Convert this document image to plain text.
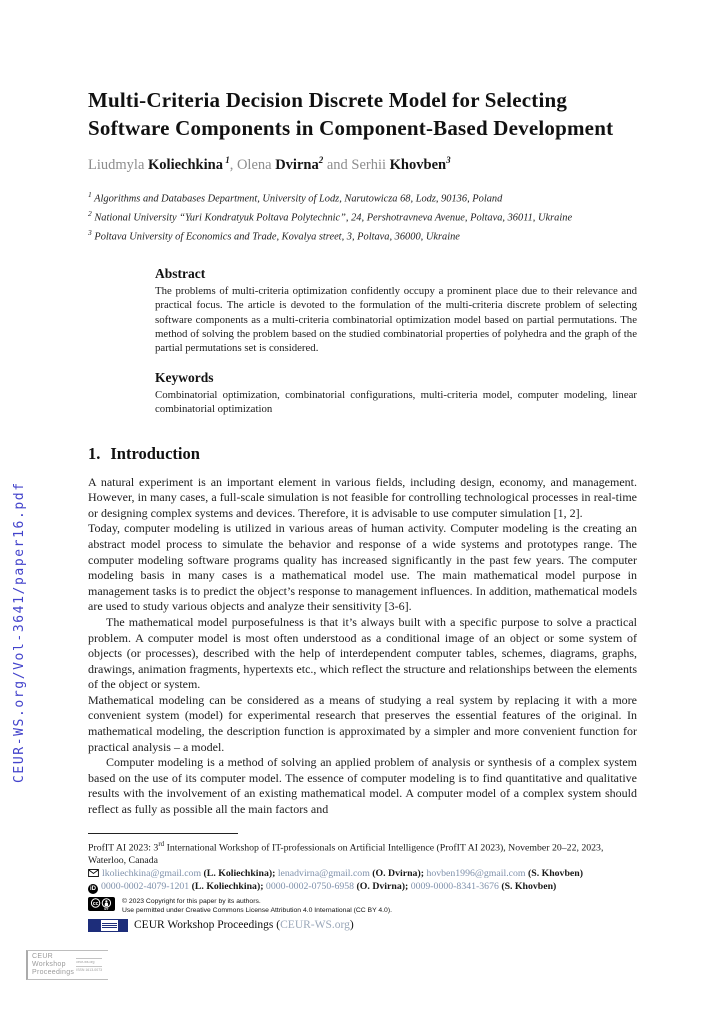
CEUR-WS.org/Vol-3641/paper16.pdf
Multi-Criteria Decision Discrete Model for Selecting
Software Components in Component-Based Development
Liudmyla Koliechkina $^1$, Olena Dvirna$^2$ and Serhii Khovben$^3$
$^1$ Algorithms and Databases Department, University of Lodz, Narutowicza 68, Lodz, 90136, Poland
$^2$ National University “Yuri Kondratyuk Poltava Polytechnic”, 24, Pershotravneva Avenue, Poltava, 36011, Ukraine
$^3$ Poltava University of Economics and Trade, Kovalya street, 3, Poltava, 36000, Ukraine
Abstract
The problems of multi-criteria optimization confidently occupy a prominent place due to their relevance and practical focus. The article is devoted to the formulation of the multi-criteria discrete problem of selecting software components as a multi-criteria combinatorial optimization model based on partial permutations. The method of solving the problem based on the studied combinatorial properties of polyhedra and the graph of the partial permutations set is considered.
Keywords
Combinatorial optimization, combinatorial configurations, multi-criteria model, computer modeling, linear combinatorial optimization
1. Introduction

A natural experiment is an important element in various fields, including design, economy, and management. However, in many cases, a full-scale simulation is not feasible for controlling technological processes in real-time or designing complex systems and devices. Therefore, it is advisable to use computer simulation [1, 2].

Today, computer modeling is utilized in various areas of human activity. Computer modeling is the creating an abstract model process to simulate the behavior and response of a wide systems and prototypes range. The computer modeling software programs quality has increased significantly in the past few years. The computer modeling basis in many cases is a mathematical model use. The main mathematical model purpose in management tasks is to predict the object’s response to management influences. In addition, mathematical models are used to study various objects and analyze their sensitivity [3-6].

The mathematical model purposefulness is that it’s always built with a specific purpose to solve a practical problem. A computer model is most often understood as a conditional image of an object or some system of objects (or processes), described with the help of interdependent computer tables, schemes, diagrams, graphs, drawings, animation fragments, hypertexts etc., which reflect the structure and relationships between the elements of the object or system.

Mathematical modeling can be considered as a means of studying a real system by replacing it with a more convenient system (model) for experimental research that preserves the essential features of the original. In mathematical modeling, the description function is approximated by a simpler and more convenient function for practical analysis – a model.

Computer modeling is a method of solving an applied problem of analysis or synthesis of a complex system based on the use of its computer model. The essence of computer modeling is to find quantitative and qualitative results with the involvement of an existing mathematical model. A computer model of a complex system should reflect as fully as possible all the main factors and

ProfIT AI 2023: 3rd International Workshop of IT-professionals on Artificial Intelligence (ProfIT AI 2023), November 20–22, 2023, Waterloo, Canada
lkoliechkina@gmail.com (L. Koliechkina); lenadvirna@gmail.com (O. Dvirna); hovben1996@gmail.com (S. Khovben)
iD 0000-0002-4079-1201 (L. Koliechkina); 0000-0002-0750-6958 (O. Dvirna); 0009-0000-8341-3676 (S. Khovben)
cc
BY
© 2023 Copyright for this paper by its authors.
Use permitted under Creative Commons License Attribution 4.0 International (CC BY 4.0).
CEUR Workshop Proceedings (CEUR-WS.org)
CEUR
Workshop
Proceedings
ceur-ws.org
ISSN 1613-0073
